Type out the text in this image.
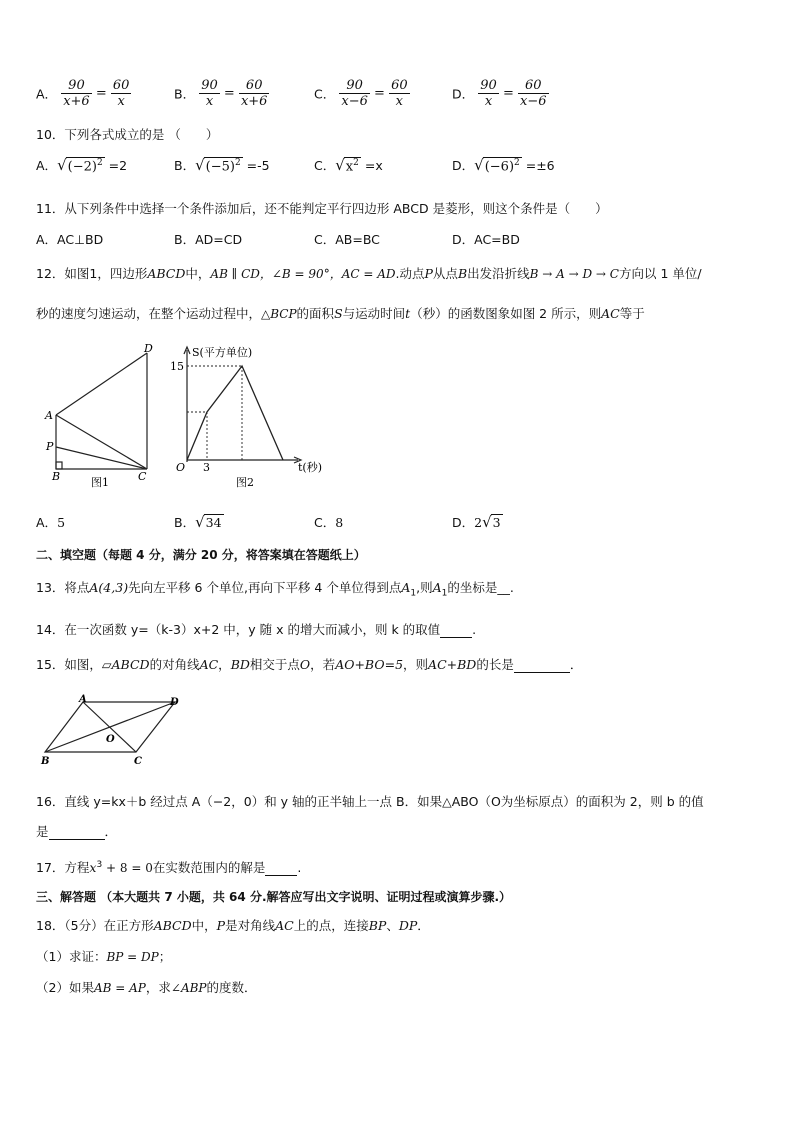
A． $\frac{90}{x+6} = \frac{60}{x}$	B． $\frac{90}{x} = \frac{60}{x+6}$	C． $\frac{90}{x-6} = \frac{60}{x}$	D． $\frac{90}{x} = \frac{60}{x-6}$
10．下列各式成立的是 （　　）
A．$√(-2)^2 =2$	B．$√(-5)^2 =-5$	C．$√x^2 =x$	D．$√(-6)^2 =\pm 6$
11．从下列条件中选择一个条件添加后，还不能判定平行四边形 ABCD 是菱形，则这个条件是（　　）
A．AC⊥BD	B．AD=CD	C．AB=BC	D．AC=BD
12．如图1，四边形ABCD中，AB ∥ CD，∠B = 90°，AC = AD.动点P从点B出发沿折线B → A → D → C方向以 1 单位/
秒的速度匀速运动，在整个运动过程中，△BCP的面积S与运动时间t（秒）的函数图象如图 2 所示，则AC等于
D
A
P
B	C
图1
S(平方单位)
15
O 3	t(秒)
图2
A．5	B．√34	C．8	D．2√3
二、填空题（每题 4 分，满分 20 分，将答案填在答题纸上）
13．将点A(4,3)先向左平移 6 个单位,再向下平移 4 个单位得到点$A_1$,则$A_1$的坐标是__.
14．在一次函数 y=（k-3）x+2 中，y 随 x 的增大而减小，则 k 的取值	.
15．如图，▱ABCD的对角线AC，BD相交于点O，若AO+BO=5，则AC+BD的长是	．
A	D
O
B	C
16．直线 y=kx＋b 经过点 A（−2，0）和 y 轴的正半轴上一点 B．如果△ABO（O为坐标原点）的面积为 2，则 b 的值
是	．
17．方程$x^3 + 8 = 0$在实数范围内的解是	.
三、解答题 （本大题共 7 小题，共 64 分.解答应写出文字说明、证明过程或演算步骤.）
18．（5分）在正方形ABCD中，P是对角线AC上的点，连接BP、DP．
（1）求证：BP = DP；
（2）如果AB = AP，求∠ABP的度数．
